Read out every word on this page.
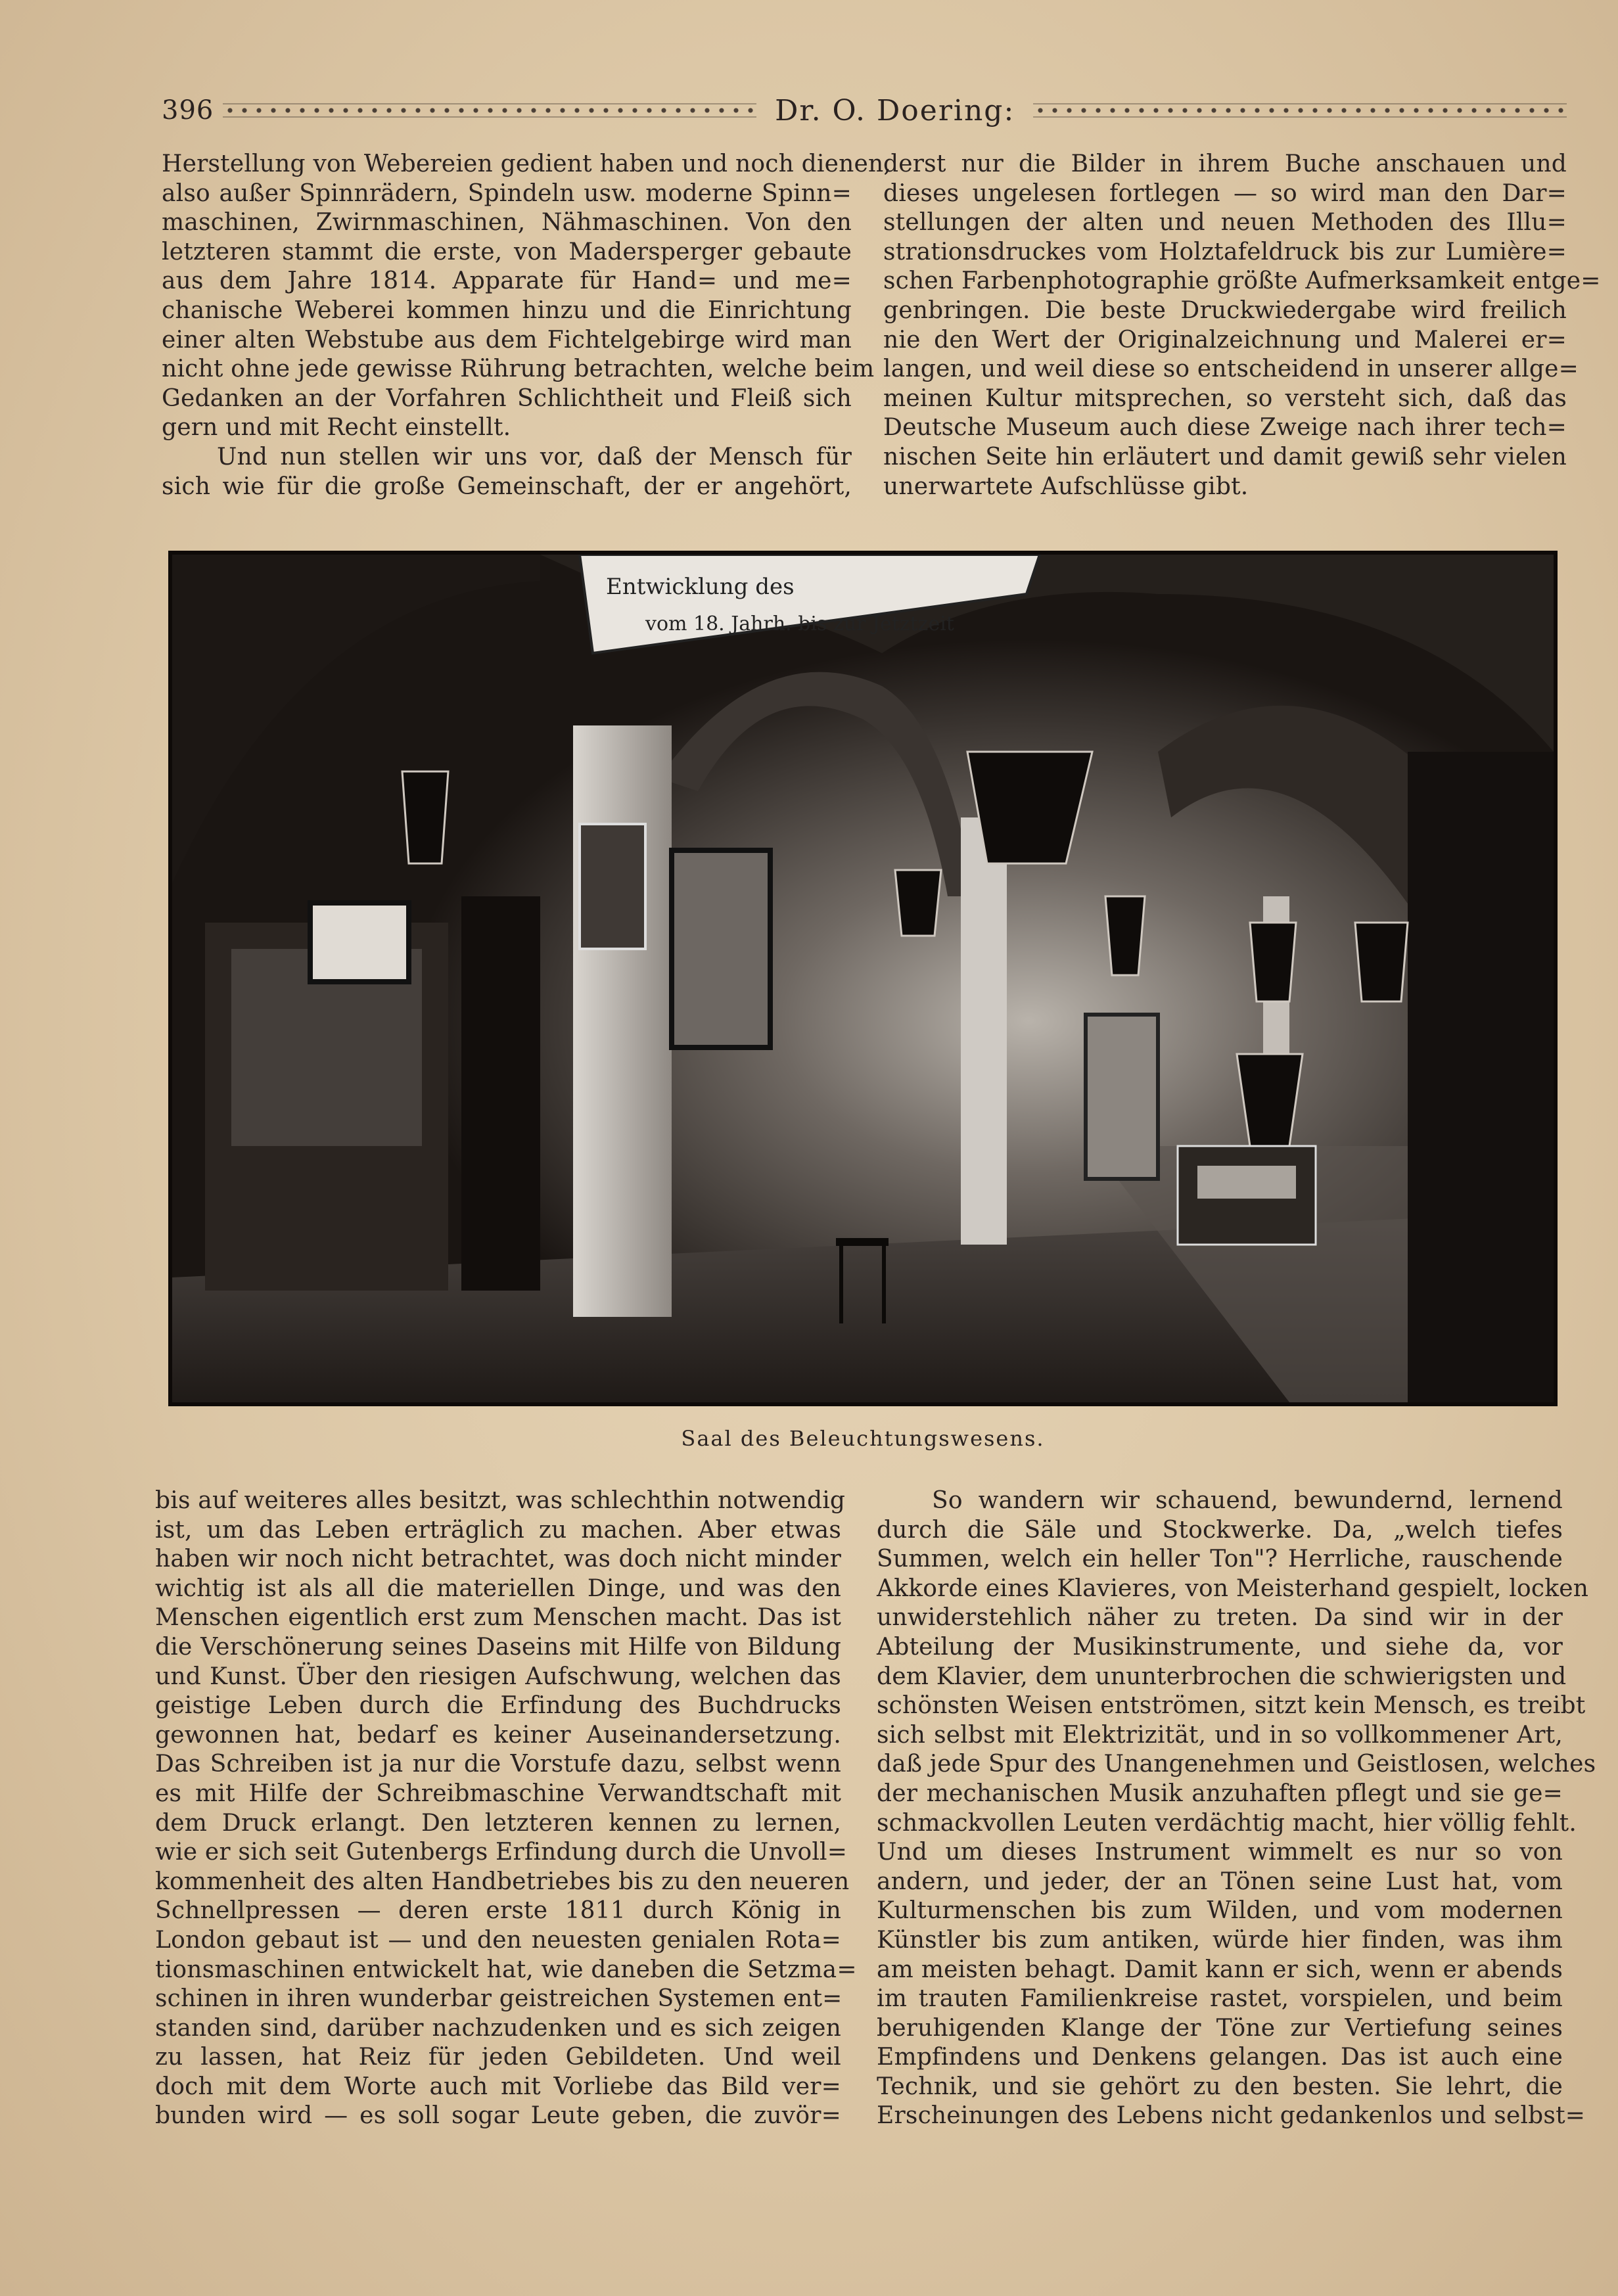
396	Dr. O. Doering:
Herstellung von Webereien gedient haben und noch dienen,
also außer Spinnrädern, Spindeln usw. moderne Spinn=
maschinen, Zwirnmaschinen, Nähmaschinen. Von den
letzteren stammt die erste, von Madersperger gebaute
aus dem Jahre 1814. Apparate für Hand= und me=
chanische Weberei kommen hinzu und die Einrichtung
einer alten Webstube aus dem Fichtelgebirge wird man
nicht ohne jede gewisse Rührung betrachten, welche beim
Gedanken an der Vorfahren Schlichtheit und Fleiß sich
gern und mit Recht einstellt.
Und nun stellen wir uns vor, daß der Mensch für
sich wie für die große Gemeinschaft, der er angehört,
derst nur die Bilder in ihrem Buche anschauen und
dieses ungelesen fortlegen — so wird man den Dar=
stellungen der alten und neuen Methoden des Illu=
strationsdruckes vom Holztafeldruck bis zur Lumière=
schen Farbenphotographie größte Aufmerksamkeit entge=
genbringen. Die beste Druckwiedergabe wird freilich
nie den Wert der Originalzeichnung und Malerei er=
langen, und weil diese so entscheidend in unserer allge=
meinen Kultur mitsprechen, so versteht sich, daß das
Deutsche Museum auch diese Zweige nach ihrer tech=
nischen Seite hin erläutert und damit gewiß sehr vielen
unerwartete Aufschlüsse gibt.
Entwicklung des
vom 18. Jahrh. bis zur Jetztzeit
Saal des Beleuchtungswesens.
bis auf weiteres alles besitzt, was schlechthin notwendig
ist, um das Leben erträglich zu machen. Aber etwas
haben wir noch nicht betrachtet, was doch nicht minder
wichtig ist als all die materiellen Dinge, und was den
Menschen eigentlich erst zum Menschen macht. Das ist
die Verschönerung seines Daseins mit Hilfe von Bildung
und Kunst. Über den riesigen Aufschwung, welchen das
geistige Leben durch die Erfindung des Buchdrucks
gewonnen hat, bedarf es keiner Auseinandersetzung.
Das Schreiben ist ja nur die Vorstufe dazu, selbst wenn
es mit Hilfe der Schreibmaschine Verwandtschaft mit
dem Druck erlangt. Den letzteren kennen zu lernen,
wie er sich seit Gutenbergs Erfindung durch die Unvoll=
kommenheit des alten Handbetriebes bis zu den neueren
Schnellpressen — deren erste 1811 durch König in
London gebaut ist — und den neuesten genialen Rota=
tionsmaschinen entwickelt hat, wie daneben die Setzma=
schinen in ihren wunderbar geistreichen Systemen ent=
standen sind, darüber nachzudenken und es sich zeigen
zu lassen, hat Reiz für jeden Gebildeten. Und weil
doch mit dem Worte auch mit Vorliebe das Bild ver=
bunden wird — es soll sogar Leute geben, die zuvör=
So wandern wir schauend, bewundernd, lernend
durch die Säle und Stockwerke. Da, „welch tiefes
Summen, welch ein heller Ton"? Herrliche, rauschende
Akkorde eines Klavieres, von Meisterhand gespielt, locken
unwiderstehlich näher zu treten. Da sind wir in der
Abteilung der Musikinstrumente, und siehe da, vor
dem Klavier, dem ununterbrochen die schwierigsten und
schönsten Weisen entströmen, sitzt kein Mensch, es treibt
sich selbst mit Elektrizität, und in so vollkommener Art,
daß jede Spur des Unangenehmen und Geistlosen, welches
der mechanischen Musik anzuhaften pflegt und sie ge=
schmackvollen Leuten verdächtig macht, hier völlig fehlt.
Und um dieses Instrument wimmelt es nur so von
andern, und jeder, der an Tönen seine Lust hat, vom
Kulturmenschen bis zum Wilden, und vom modernen
Künstler bis zum antiken, würde hier finden, was ihm
am meisten behagt. Damit kann er sich, wenn er abends
im trauten Familienkreise rastet, vorspielen, und beim
beruhigenden Klange der Töne zur Vertiefung seines
Empfindens und Denkens gelangen. Das ist auch eine
Technik, und sie gehört zu den besten. Sie lehrt, die
Erscheinungen des Lebens nicht gedankenlos und selbst=
